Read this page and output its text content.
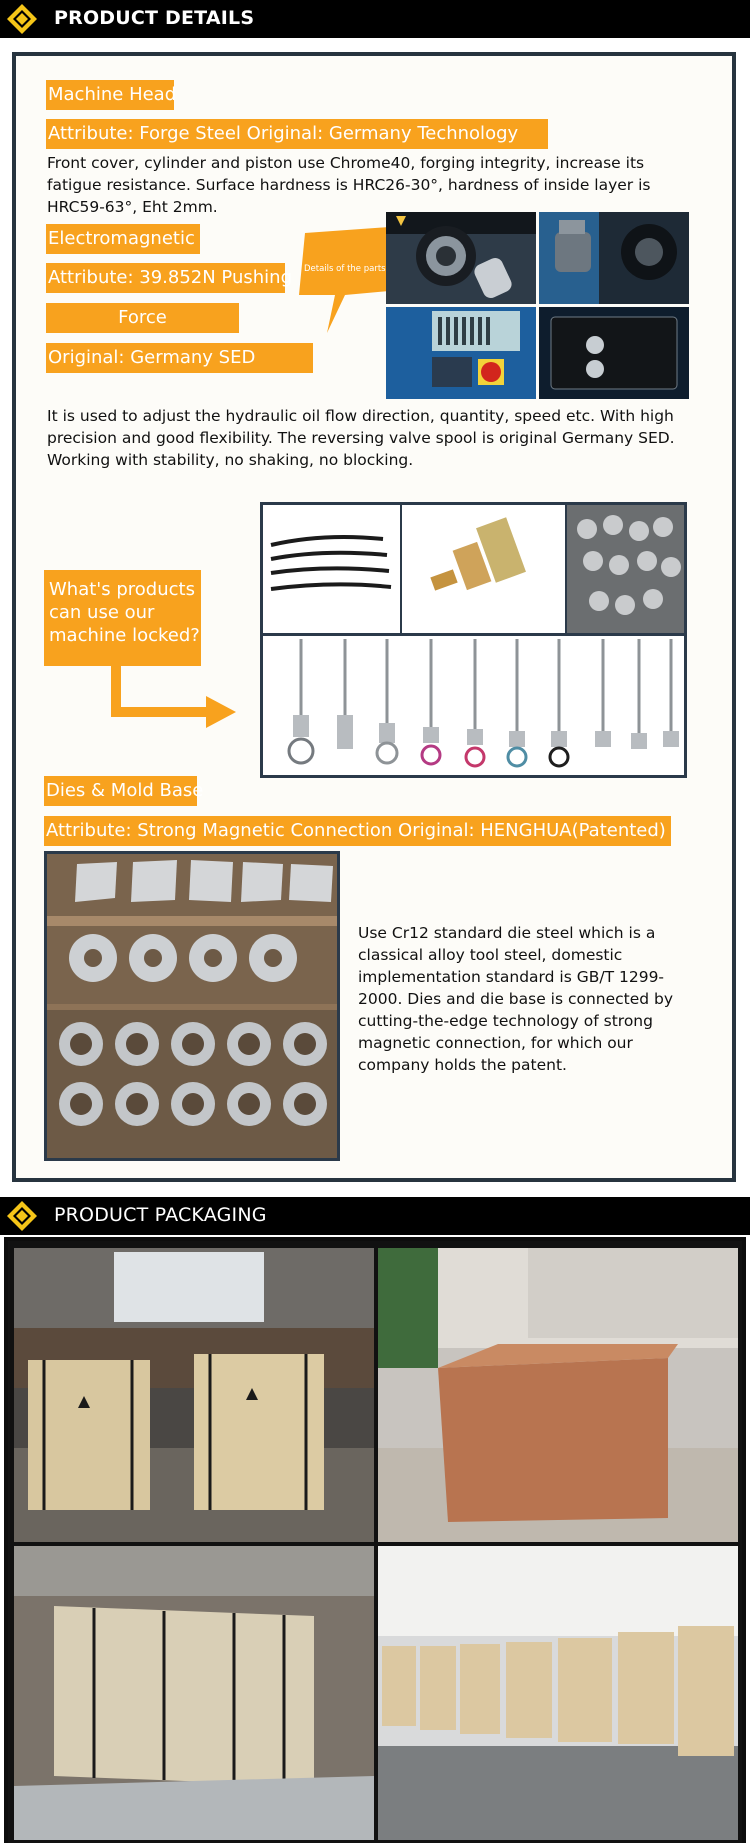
PRODUCT DETAILS
Machine Head
Attribute: Forge Steel Original: Germany Technology
Front cover, cylinder and piston use Chrome40, forging integrity, increase its fatigue resistance. Surface hardness is HRC26-30°, hardness of inside layer is HRC59-63°, Eht 2mm.
Electromagnetic
Attribute: 39.852N Pushing
Force
Original: Germany SED
Details of the parts
It is used to adjust the hydraulic oil flow direction, quantity, speed etc. With high precision and good flexibility. The reversing valve spool is original Germany SED. Working with stability, no shaking, no blocking.
What's products
can use our
machine locked?
Dies & Mold Base
Attribute: Strong Magnetic Connection Original: HENGHUA(Patented)
Use Cr12 standard die steel which is a classical alloy tool steel, domestic implementation standard is GB/T 1299-2000. Dies and die base is connected by cutting-the-edge technology of strong magnetic connection, for which our company holds the patent.
PRODUCT PACKAGING
